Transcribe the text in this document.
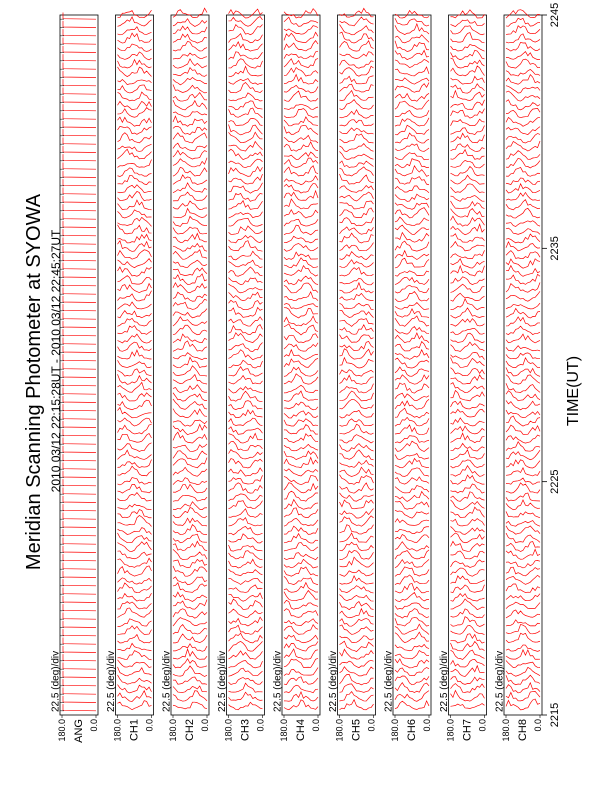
Meridian Scanning Photometer at SYOWA 2010 03/12 22:15:28UT - 2010 03/12 22:45:27UT	TIME(UT)
22.5 (deg)/div
180.0 0.0
ANG
22.5 (deg)/div
180.0 0.0
CH1
22.5 (deg)/div
180.0 0.0
CH2
22.5 (deg)/div
180.0 0.0
CH3
22.5 (deg)/div
180.0 0.0
CH4
22.5 (deg)/div
180.0 0.0
CH5
22.5 (deg)/div
180.0 0.0
CH6
22.5 (deg)/div
180.0 0.0
CH7
22.5 (deg)/div
180.0 0.0
CH8
2215
2225
2235
2245
